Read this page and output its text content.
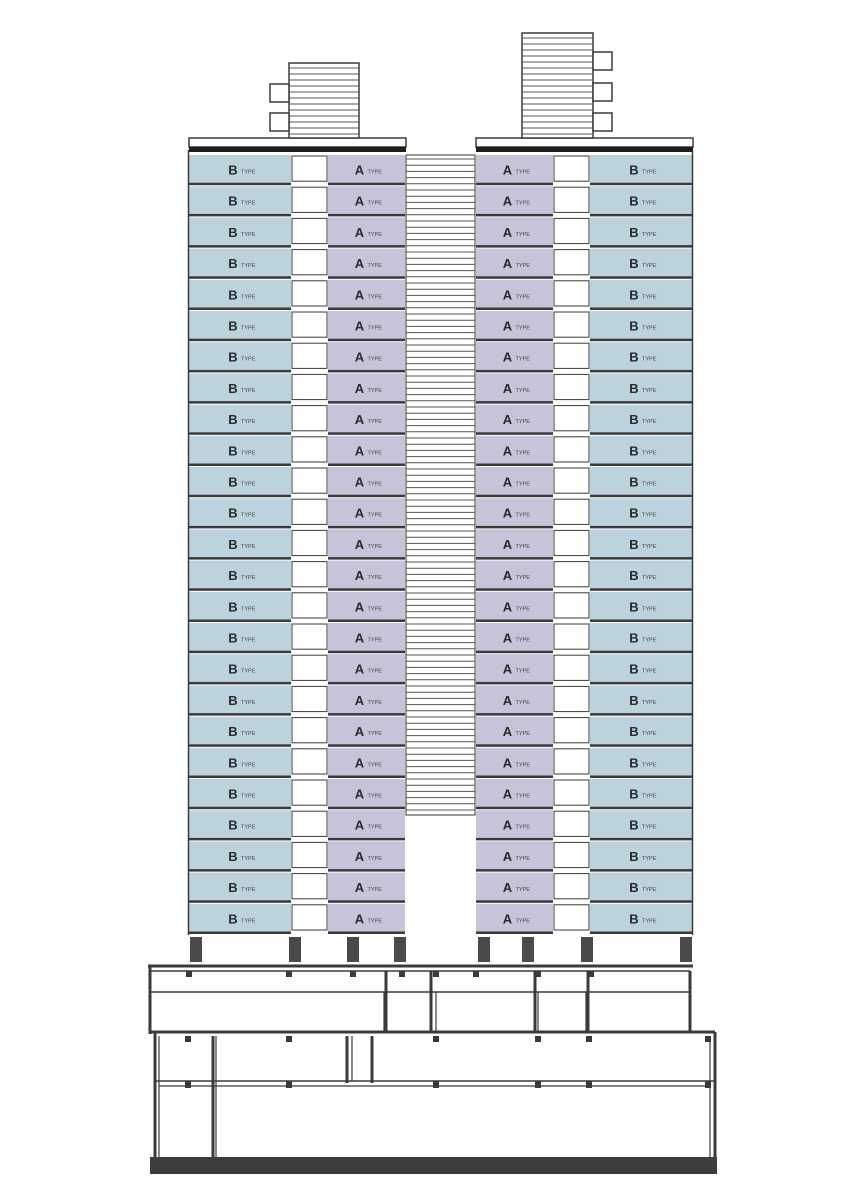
B TYPE	A TYPE	A TYPE	B TYPE
B TYPE	A TYPE	A TYPE	B TYPE
B TYPE	A TYPE	A TYPE	B TYPE
B TYPE	A TYPE	A TYPE	B TYPE
B TYPE	A TYPE	A TYPE	B TYPE
B TYPE	A TYPE	A TYPE	B TYPE
B TYPE	A TYPE	A TYPE	B TYPE
B TYPE	A TYPE	A TYPE	B TYPE
B TYPE	A TYPE	A TYPE	B TYPE
B TYPE	A TYPE	A TYPE	B TYPE
B TYPE	A TYPE	A TYPE	B TYPE
B TYPE	A TYPE	A TYPE	B TYPE
B TYPE	A TYPE	A TYPE	B TYPE
B TYPE	A TYPE	A TYPE	B TYPE
B TYPE	A TYPE	A TYPE	B TYPE
B TYPE	A TYPE	A TYPE	B TYPE
B TYPE	A TYPE	A TYPE	B TYPE
B TYPE	A TYPE	A TYPE	B TYPE
B TYPE	A TYPE	A TYPE	B TYPE
B TYPE	A TYPE	A TYPE	B TYPE
B TYPE	A TYPE	A TYPE	B TYPE
B TYPE	A TYPE	A TYPE	B TYPE
B TYPE	A TYPE	A TYPE	B TYPE
B TYPE	A TYPE	A TYPE	B TYPE
B TYPE	A TYPE	A TYPE	B TYPE
